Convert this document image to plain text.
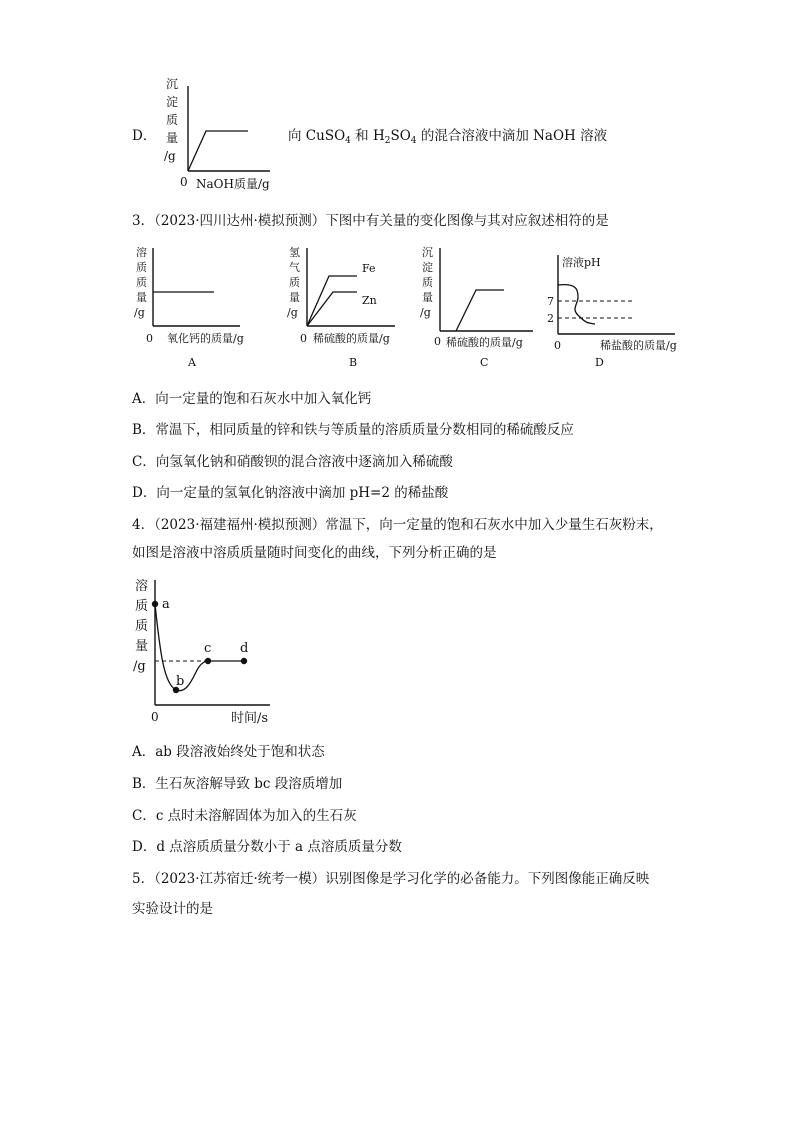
D．
沉
淀
质
量
/g
0 NaOH质量/g
向 CuSO$_4$ 和 $H_2SO_4$ 的混合溶液中滴加 NaOH 溶液
3．（2023·四川达州·模拟预测）下图中有关量的变化图像与其对应叙述相符的是
溶
质
质
量
/g
0 氧化钙的质量/g
A
氢
气
质
量
/g
Fe
Zn
0 稀硫酸的质量/g
B
沉
淀
质
量
/g
0 稀硫酸的质量/g
C
溶液pH
7
2
0	稀盐酸的质量/g
D
A．向一定量的饱和石灰水中加入氧化钙
B．常温下，相同质量的锌和铁与等质量的溶质质量分数相同的稀硫酸反应
C．向氢氧化钠和硝酸钡的混合溶液中逐滴加入稀硫酸
D．向一定量的氢氧化钠溶液中滴加 pH=2 的稀盐酸
4．（2023·福建福州·模拟预测）常温下，向一定量的饱和石灰水中加入少量生石灰粉末，
如图是溶液中溶质质量随时间变化的曲线，下列分析正确的是
溶
质
质
量
/g
a
b
c d
0	时间/s
A．ab 段溶液始终处于饱和状态
B．生石灰溶解导致 bc 段溶质增加
C．c 点时未溶解固体为加入的生石灰
D．d 点溶质质量分数小于 a 点溶质质量分数
5．（2023·江苏宿迁·统考一模）识别图像是学习化学的必备能力。下列图像能正确反映
实验设计的是
